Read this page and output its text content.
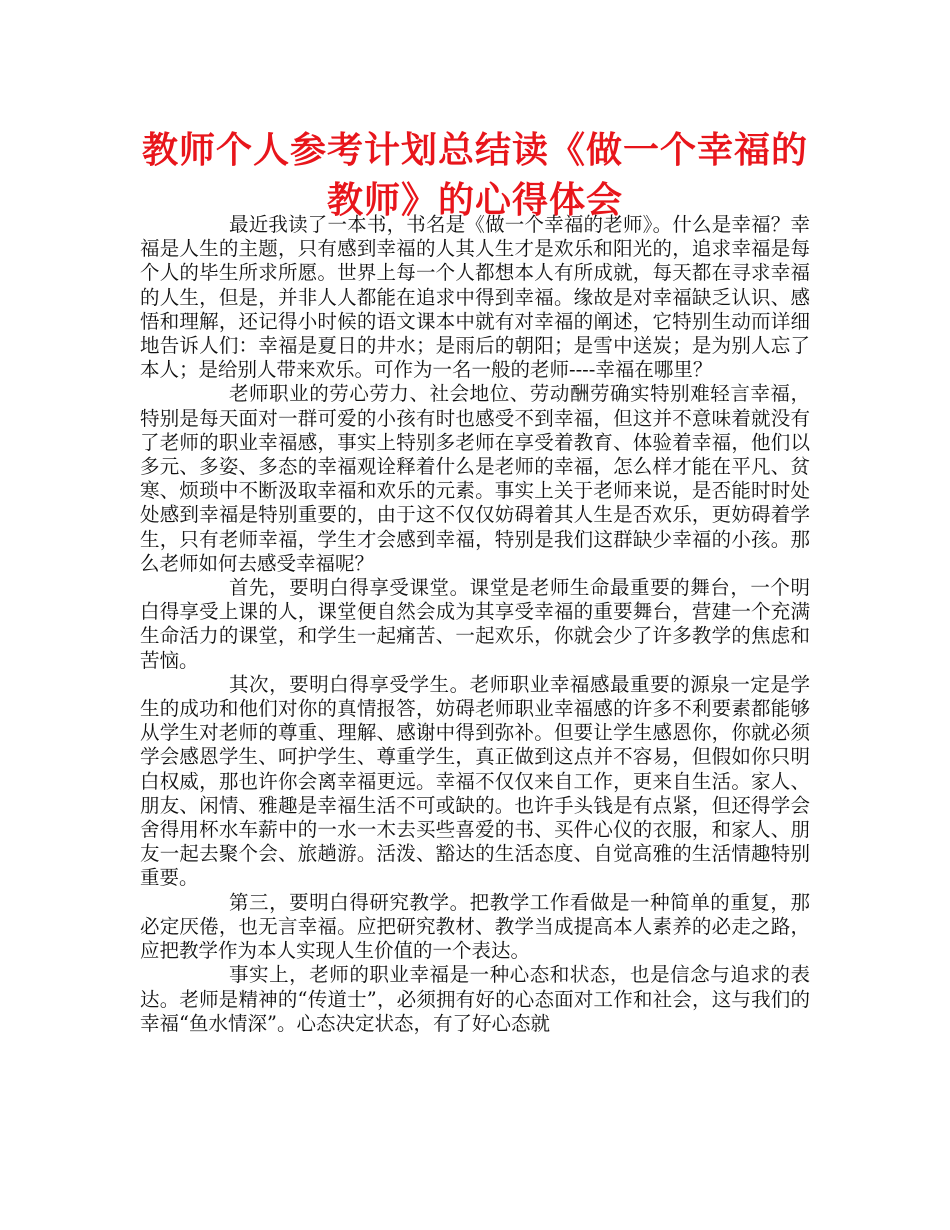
教师个人参考计划总结读《做一个幸福的教师》的心得体会

最近我读了一本书，书名是《做一个幸福的老师》。什么是幸福？幸福是人生的主题，只有感到幸福的人其人生才是欢乐和阳光的，追求幸福是每个人的毕生所求所愿。世界上每一个人都想本人有所成就，每天都在寻求幸福的人生，但是，并非人人都能在追求中得到幸福。缘故是对幸福缺乏认识、感悟和理解，还记得小时候的语文课本中就有对幸福的阐述，它特别生动而详细地告诉人们：幸福是夏日的井水；是雨后的朝阳；是雪中送炭；是为别人忘了本人；是给别人带来欢乐。可作为一名一般的老师----幸福在哪里？

老师职业的劳心劳力、社会地位、劳动酬劳确实特别难轻言幸福，特别是每天面对一群可爱的小孩有时也感受不到幸福，但这并不意味着就没有了老师的职业幸福感，事实上特别多老师在享受着教育、体验着幸福，他们以多元、多姿、多态的幸福观诠释着什么是老师的幸福，怎么样才能在平凡、贫寒、烦琐中不断汲取幸福和欢乐的元素。事实上关于老师来说，是否能时时处处感到幸福是特别重要的，由于这不仅仅妨碍着其人生是否欢乐，更妨碍着学生，只有老师幸福，学生才会感到幸福，特别是我们这群缺少幸福的小孩。那么老师如何去感受幸福呢？

首先，要明白得享受课堂。课堂是老师生命最重要的舞台，一个明白得享受上课的人，课堂便自然会成为其享受幸福的重要舞台，营建一个充满生命活力的课堂，和学生一起痛苦、一起欢乐，你就会少了许多教学的焦虑和苦恼。

其次，要明白得享受学生。老师职业幸福感最重要的源泉一定是学生的成功和他们对你的真情报答，妨碍老师职业幸福感的许多不利要素都能够从学生对老师的尊重、理解、感谢中得到弥补。但要让学生感恩你，你就必须学会感恩学生、呵护学生、尊重学生，真正做到这点并不容易，但假如你只明白权威，那也许你会离幸福更远。幸福不仅仅来自工作，更来自生活。家人、朋友、闲情、雅趣是幸福生活不可或缺的。也许手头钱是有点紧，但还得学会舍得用杯水车薪中的一水一木去买些喜爱的书、买件心仪的衣服，和家人、朋友一起去聚个会、旅趟游。活泼、豁达的生活态度、自觉高雅的生活情趣特别重要。

第三，要明白得研究教学。把教学工作看做是一种简单的重复，那必定厌倦，也无言幸福。应把研究教材、教学当成提高本人素养的必走之路，应把教学作为本人实现人生价值的一个表达。

事实上，老师的职业幸福是一种心态和状态，也是信念与追求的表达。老师是精神的“传道士”，必须拥有好的心态面对工作和社会，这与我们的幸福“鱼水情深”。心态决定状态，有了好心态就
